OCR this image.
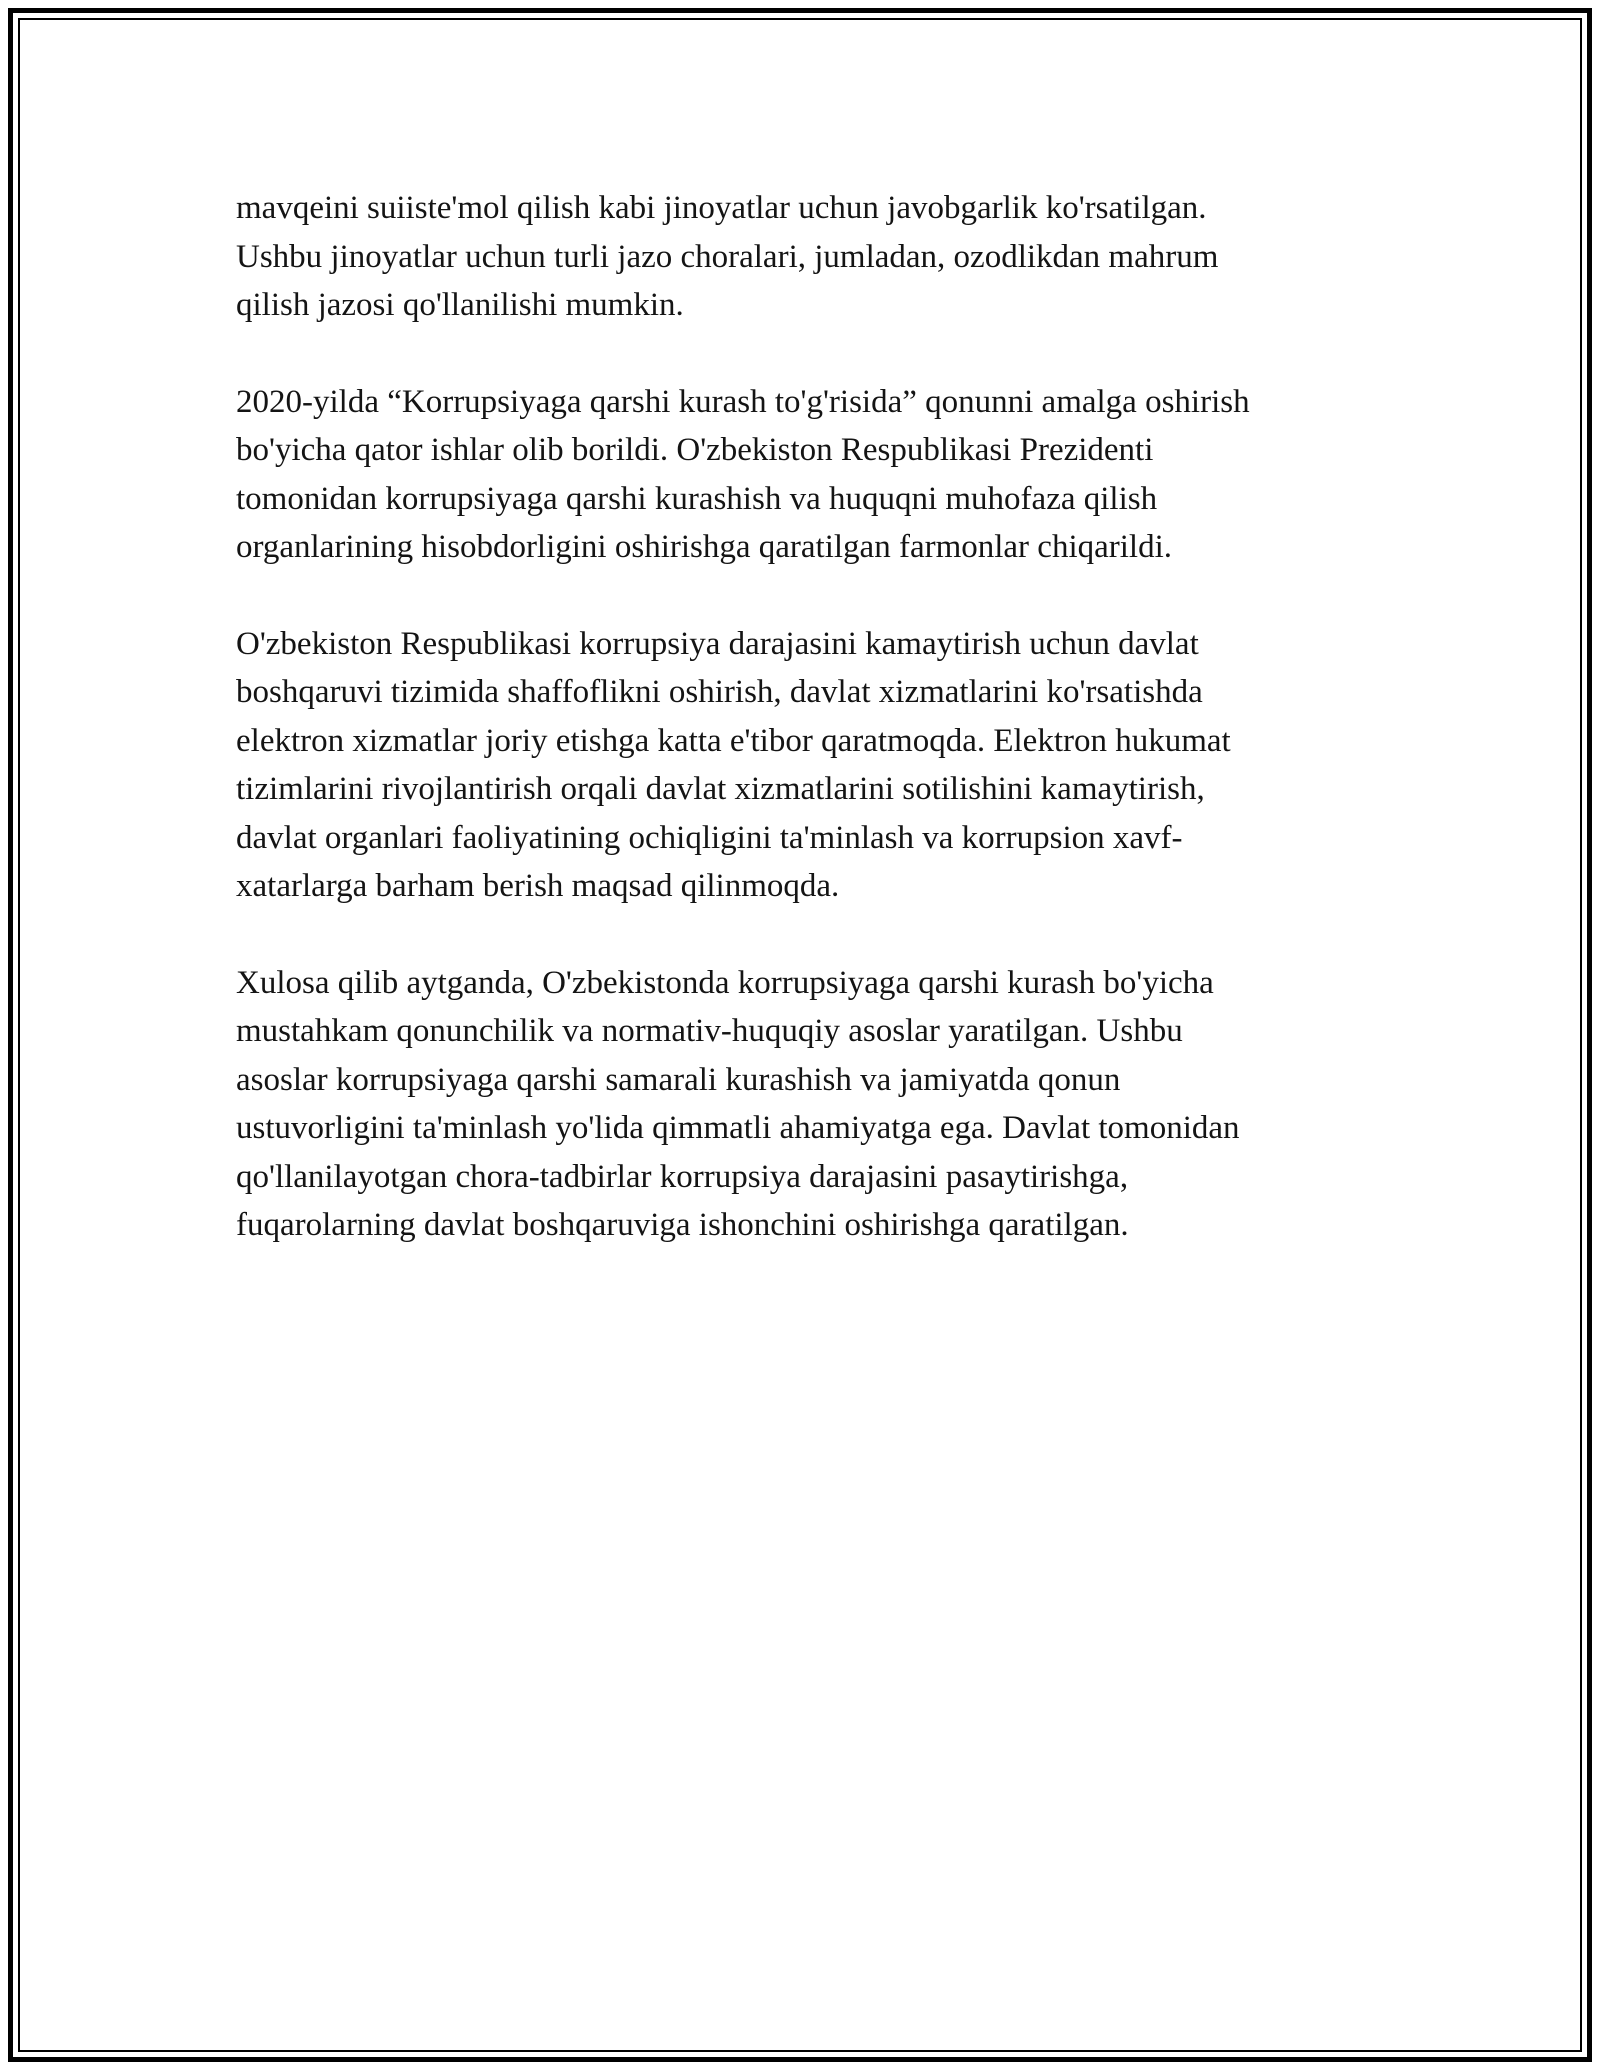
mavqeini suiiste'mol qilish kabi jinoyatlar uchun javobgarlik ko'rsatilgan.
Ushbu jinoyatlar uchun turli jazo choralari, jumladan, ozodlikdan mahrum
qilish jazosi qo'llanilishi mumkin.

2020-yilda “Korrupsiyaga qarshi kurash to'g'risida” qonunni amalga oshirish
bo'yicha qator ishlar olib borildi. O'zbekiston Respublikasi Prezidenti
tomonidan korrupsiyaga qarshi kurashish va huquqni muhofaza qilish
organlarining hisobdorligini oshirishga qaratilgan farmonlar chiqarildi.

O'zbekiston Respublikasi korrupsiya darajasini kamaytirish uchun davlat
boshqaruvi tizimida shaffoflikni oshirish, davlat xizmatlarini ko'rsatishda
elektron xizmatlar joriy etishga katta e'tibor qaratmoqda. Elektron hukumat
tizimlarini rivojlantirish orqali davlat xizmatlarini sotilishini kamaytirish,
davlat organlari faoliyatining ochiqligini ta'minlash va korrupsion xavf-
xatarlarga barham berish maqsad qilinmoqda.

Xulosa qilib aytganda, O'zbekistonda korrupsiyaga qarshi kurash bo'yicha
mustahkam qonunchilik va normativ-huquqiy asoslar yaratilgan. Ushbu
asoslar korrupsiyaga qarshi samarali kurashish va jamiyatda qonun
ustuvorligini ta'minlash yo'lida qimmatli ahamiyatga ega. Davlat tomonidan
qo'llanilayotgan chora-tadbirlar korrupsiya darajasini pasaytirishga,
fuqarolarning davlat boshqaruviga ishonchini oshirishga qaratilgan.
